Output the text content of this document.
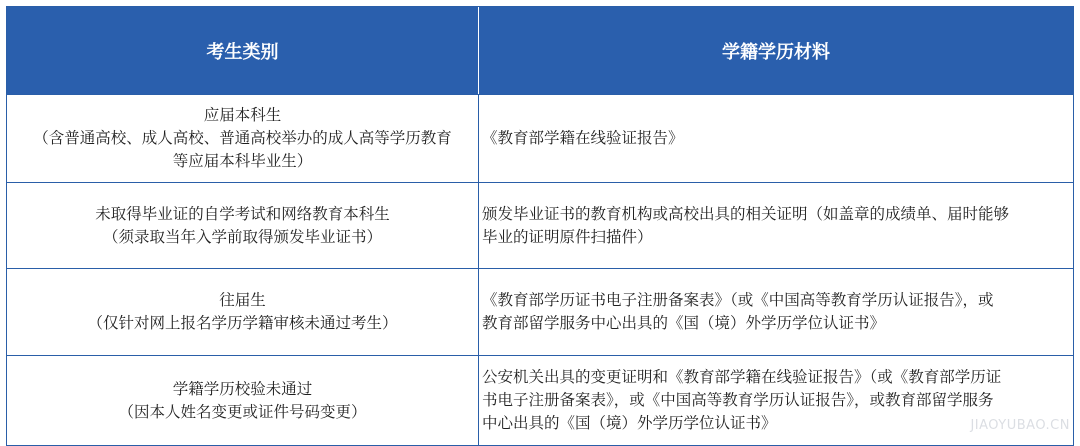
考生类别	学籍学历材料
应届本科生
（含普通高校、成人高校、普通高校举办的成人高等学历教育
等应届本科毕业生）
《教育部学籍在线验证报告》
未取得毕业证的自学考试和网络教育本科生
（须录取当年入学前取得颁发毕业证书）
颁发毕业证书的教育机构或高校出具的相关证明（如盖章的成绩单、届时能够
毕业的证明原件扫描件）
往届生
（仅针对网上报名学历学籍审核未通过考生）
《教育部学历证书电子注册备案表》（或《中国高等教育学历认证报告》，或
教育部留学服务中心出具的《国（境）外学历学位认证书》
学籍学历校验未通过
（因本人姓名变更或证件号码变更）
公安机关出具的变更证明和《教育部学籍在线验证报告》（或《教育部学历证
书电子注册备案表》，或《中国高等教育学历认证报告》，或教育部留学服务
中心出具的《国（境）外学历学位认证书》	JIAOYUBAO.CN
